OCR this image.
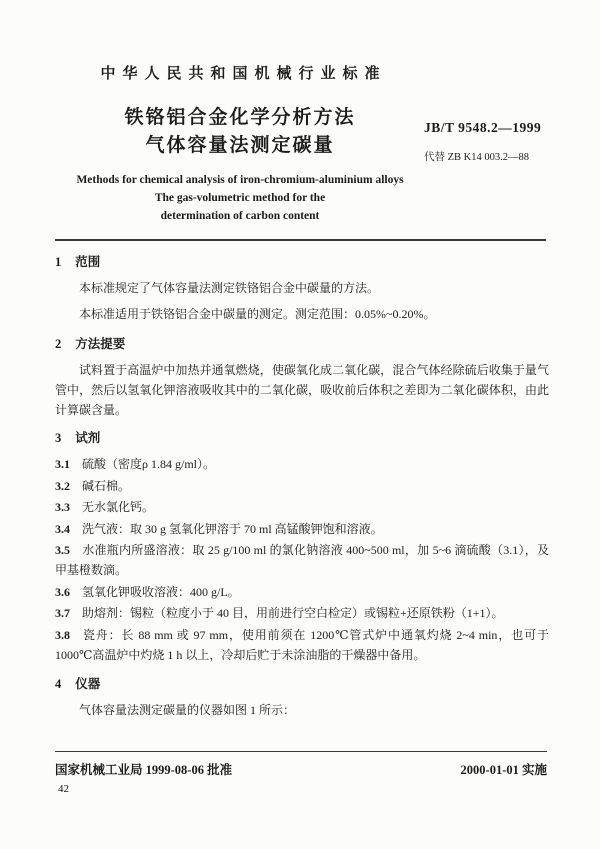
中华人民共和国机械行业标准
铁铬铝合金化学分析方法
气体容量法测定碳量
Methods for chemical analysis of iron-chromium-aluminium alloys
The gas-volumetric method for the
determination of carbon content
JB/T 9548.2—1999
代替 ZB K14 003.2—88
1 范围

本标准规定了气体容量法测定铁铬铝合金中碳量的方法。

本标准适用于铁铬铝合金中碳量的测定。测定范围：0.05%~0.20%。

2 方法提要

试料置于高温炉中加热并通氧燃烧，使碳氧化成二氧化碳，混合气体经除硫后收集于量气管中，然后以氢氧化钾溶液吸收其中的二氧化碳，吸收前后体积之差即为二氧化碳体积，由此计算碳含量。

3 试剂

3.1 硫酸（密度ρ 1.84 g/ml）。

3.2 碱石棉。

3.3 无水氯化钙。

3.4 洗气液：取 30 g 氢氧化钾溶于 70 ml 高锰酸钾饱和溶液。

3.5 水准瓶内所盛溶液：取 25 g/100 ml 的氯化钠溶液 400~500 ml，加 5~6 滴硫酸（3.1），及甲基橙数滴。

3.6 氢氧化钾吸收溶液：400 g/L。

3.7 助熔剂：锡粒（粒度小于 40 目，用前进行空白检定）或锡粒+还原铁粉（1+1）。

3.8 瓷舟：长 88 mm 或 97 mm，使用前须在 1200℃管式炉中通氧灼烧 2~4 min，也可于 1000℃高温炉中灼烧 1 h 以上，冷却后贮于未涂油脂的干燥器中备用。

4 仪器

气体容量法测定碳量的仪器如图 1 所示：

国家机械工业局 1999-08-06 批准	2000-01-01 实施
42
